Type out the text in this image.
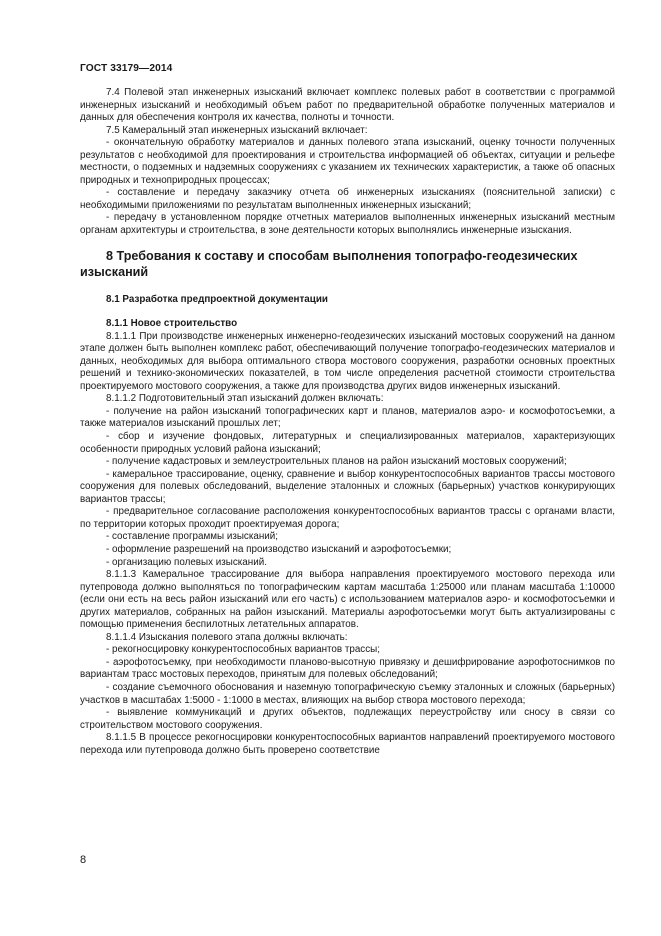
ГОСТ 33179—2014

7.4 Полевой этап инженерных изысканий включает комплекс полевых работ в соответствии с программой инженерных изысканий и необходимый объем работ по предварительной обработке полученных материалов и данных для обеспечения контроля их качества, полноты и точности.

7.5 Камеральный этап инженерных изысканий включает:

- окончательную обработку материалов и данных полевого этапа изысканий, оценку точности полученных результатов с необходимой для проектирования и строительства информацией об объектах, ситуации и рельефе местности, о подземных и надземных сооружениях с указанием их технических характеристик, а также об опасных природных и техноприродных процессах;

- составление и передачу заказчику отчета об инженерных изысканиях (пояснительной записки) с необходимыми приложениями по результатам выполненных инженерных изысканий;

- передачу в установленном порядке отчетных материалов выполненных инженерных изысканий местным органам архитектуры и строительства, в зоне деятельности которых выполнялись инженерные изыскания.

8 Требования к составу и способам выполнения топографо-геодезических изысканий
8.1 Разработка предпроектной документации
8.1.1 Новое строительство

8.1.1.1 При производстве инженерных инженерно-геодезических изысканий мостовых сооружений на данном этапе должен быть выполнен комплекс работ, обеспечивающий получение топографо-геодезических материалов и данных, необходимых для выбора оптимального створа мостового сооружения, разработки основных проектных решений и технико-экономических показателей, в том числе определения расчетной стоимости строительства проектируемого мостового сооружения, а также для производства других видов инженерных изысканий.

8.1.1.2 Подготовительный этап изысканий должен включать:

- получение на район изысканий топографических карт и планов, материалов аэро- и космофотосъемки, а также материалов изысканий прошлых лет;

- сбор и изучение фондовых, литературных и специализированных материалов, характеризующих особенности природных условий района изысканий;

- получение кадастровых и землеустроительных планов на район изысканий мостовых сооружений;

- камеральное трассирование, оценку, сравнение и выбор конкурентоспособных вариантов трассы мостового сооружения для полевых обследований, выделение эталонных и сложных (барьерных) участков конкурирующих вариантов трассы;

- предварительное согласование расположения конкурентоспособных вариантов трассы с органами власти, по территории которых проходит проектируемая дорога;

- составление программы изысканий;

- оформление разрешений на производство изысканий и аэрофотосъемки;

- организацию полевых изысканий.

8.1.1.3 Камеральное трассирование для выбора направления проектируемого мостового перехода или путепровода должно выполняться по топографическим картам масштаба 1:25000 или планам масштаба 1:10000 (если они есть на весь район изысканий или его часть) с использованием материалов аэро- и космофотосъемки и других материалов, собранных на район изысканий. Материалы аэрофотосъемки могут быть актуализированы с помощью применения беспилотных летательных аппаратов.

8.1.1.4 Изыскания полевого этапа должны включать:

- рекогносцировку конкурентоспособных вариантов трассы;

- аэрофотосъемку, при необходимости планово-высотную привязку и дешифрирование аэрофотоснимков по вариантам трасс мостовых переходов, принятым для полевых обследований;

- создание съемочного обоснования и наземную топографическую съемку эталонных и сложных (барьерных) участков в масштабах 1:5000 - 1:1000 в местах, влияющих на выбор створа мостового перехода;

- выявление коммуникаций и других объектов, подлежащих переустройству или сносу в связи со строительством мостового сооружения.

8.1.1.5 В процессе рекогносцировки конкурентоспособных вариантов направлений проектируемого мостового перехода или путепровода должно быть проверено соответствие

8
